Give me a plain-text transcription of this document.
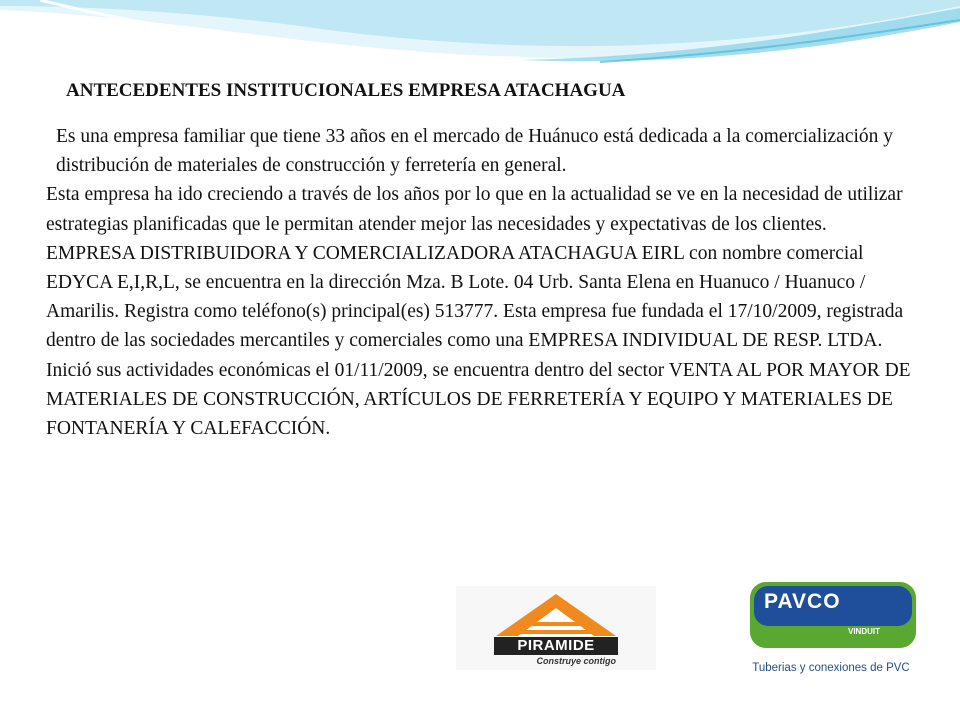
ANTECEDENTES INSTITUCIONALES EMPRESA ATACHAGUA

Es una empresa familiar que tiene 33 años en el mercado de Huánuco está dedicada a la comercialización y distribución de materiales de construcción y ferretería en general.

Esta empresa ha ido creciendo a través de los años por lo que en la actualidad se ve en la necesidad de utilizar estrategias planificadas que le permitan atender mejor las necesidades y expectativas de los clientes.

EMPRESA DISTRIBUIDORA Y COMERCIALIZADORA ATACHAGUA EIRL con nombre comercial EDYCA E,I,R,L, se encuentra en la dirección Mza. B Lote. 04 Urb. Santa Elena en Huanuco / Huanuco / Amarilis. Registra como teléfono(s) principal(es) 513777. Esta empresa fue fundada el 17/10/2009, registrada dentro de las sociedades mercantiles y comerciales como una EMPRESA INDIVIDUAL DE RESP. LTDA.

Inició sus actividades económicas el 01/11/2009, se encuentra dentro del sector VENTA AL POR MAYOR DE MATERIALES DE CONSTRUCCIÓN, ARTÍCULOS DE FERRETERÍA Y EQUIPO Y MATERIALES DE FONTANERÍA Y CALEFACCIÓN.

PIRAMIDE
Construye contigo
PAVCO
VINDUIT
Tuberias y conexiones de PVC
